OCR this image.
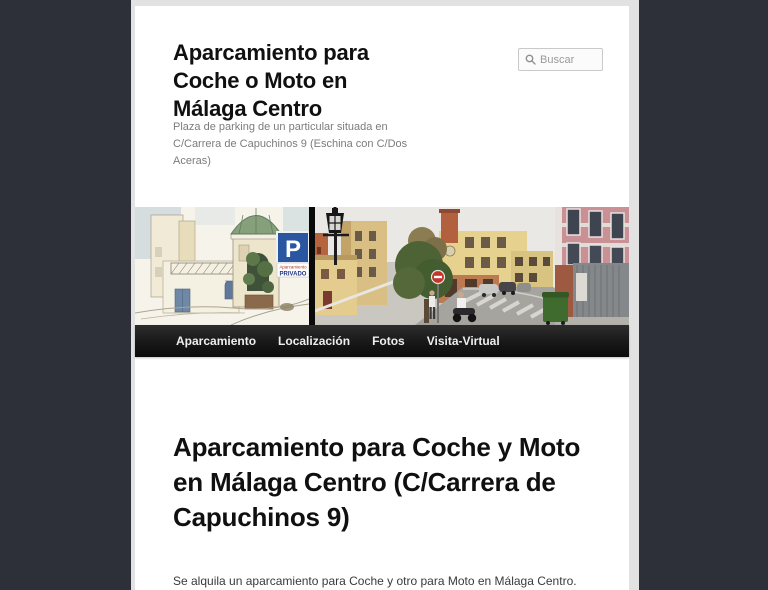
Aparcamiento para Coche o Moto en Málaga Centro

Plaza de parking de un particular situada en C/Carrera de Capuchinos 9 (Eschina con C/Dos Aceras)

Buscar
P
Aparcamiento
PRIVADO
Aparcamiento	Localización	Fotos	Visita-Virtual
Aparcamiento para Coche y Moto en Málaga Centro (C/Carrera de Capuchinos 9)

Se alquila un aparcamiento para Coche y otro para Moto en Málaga Centro.
